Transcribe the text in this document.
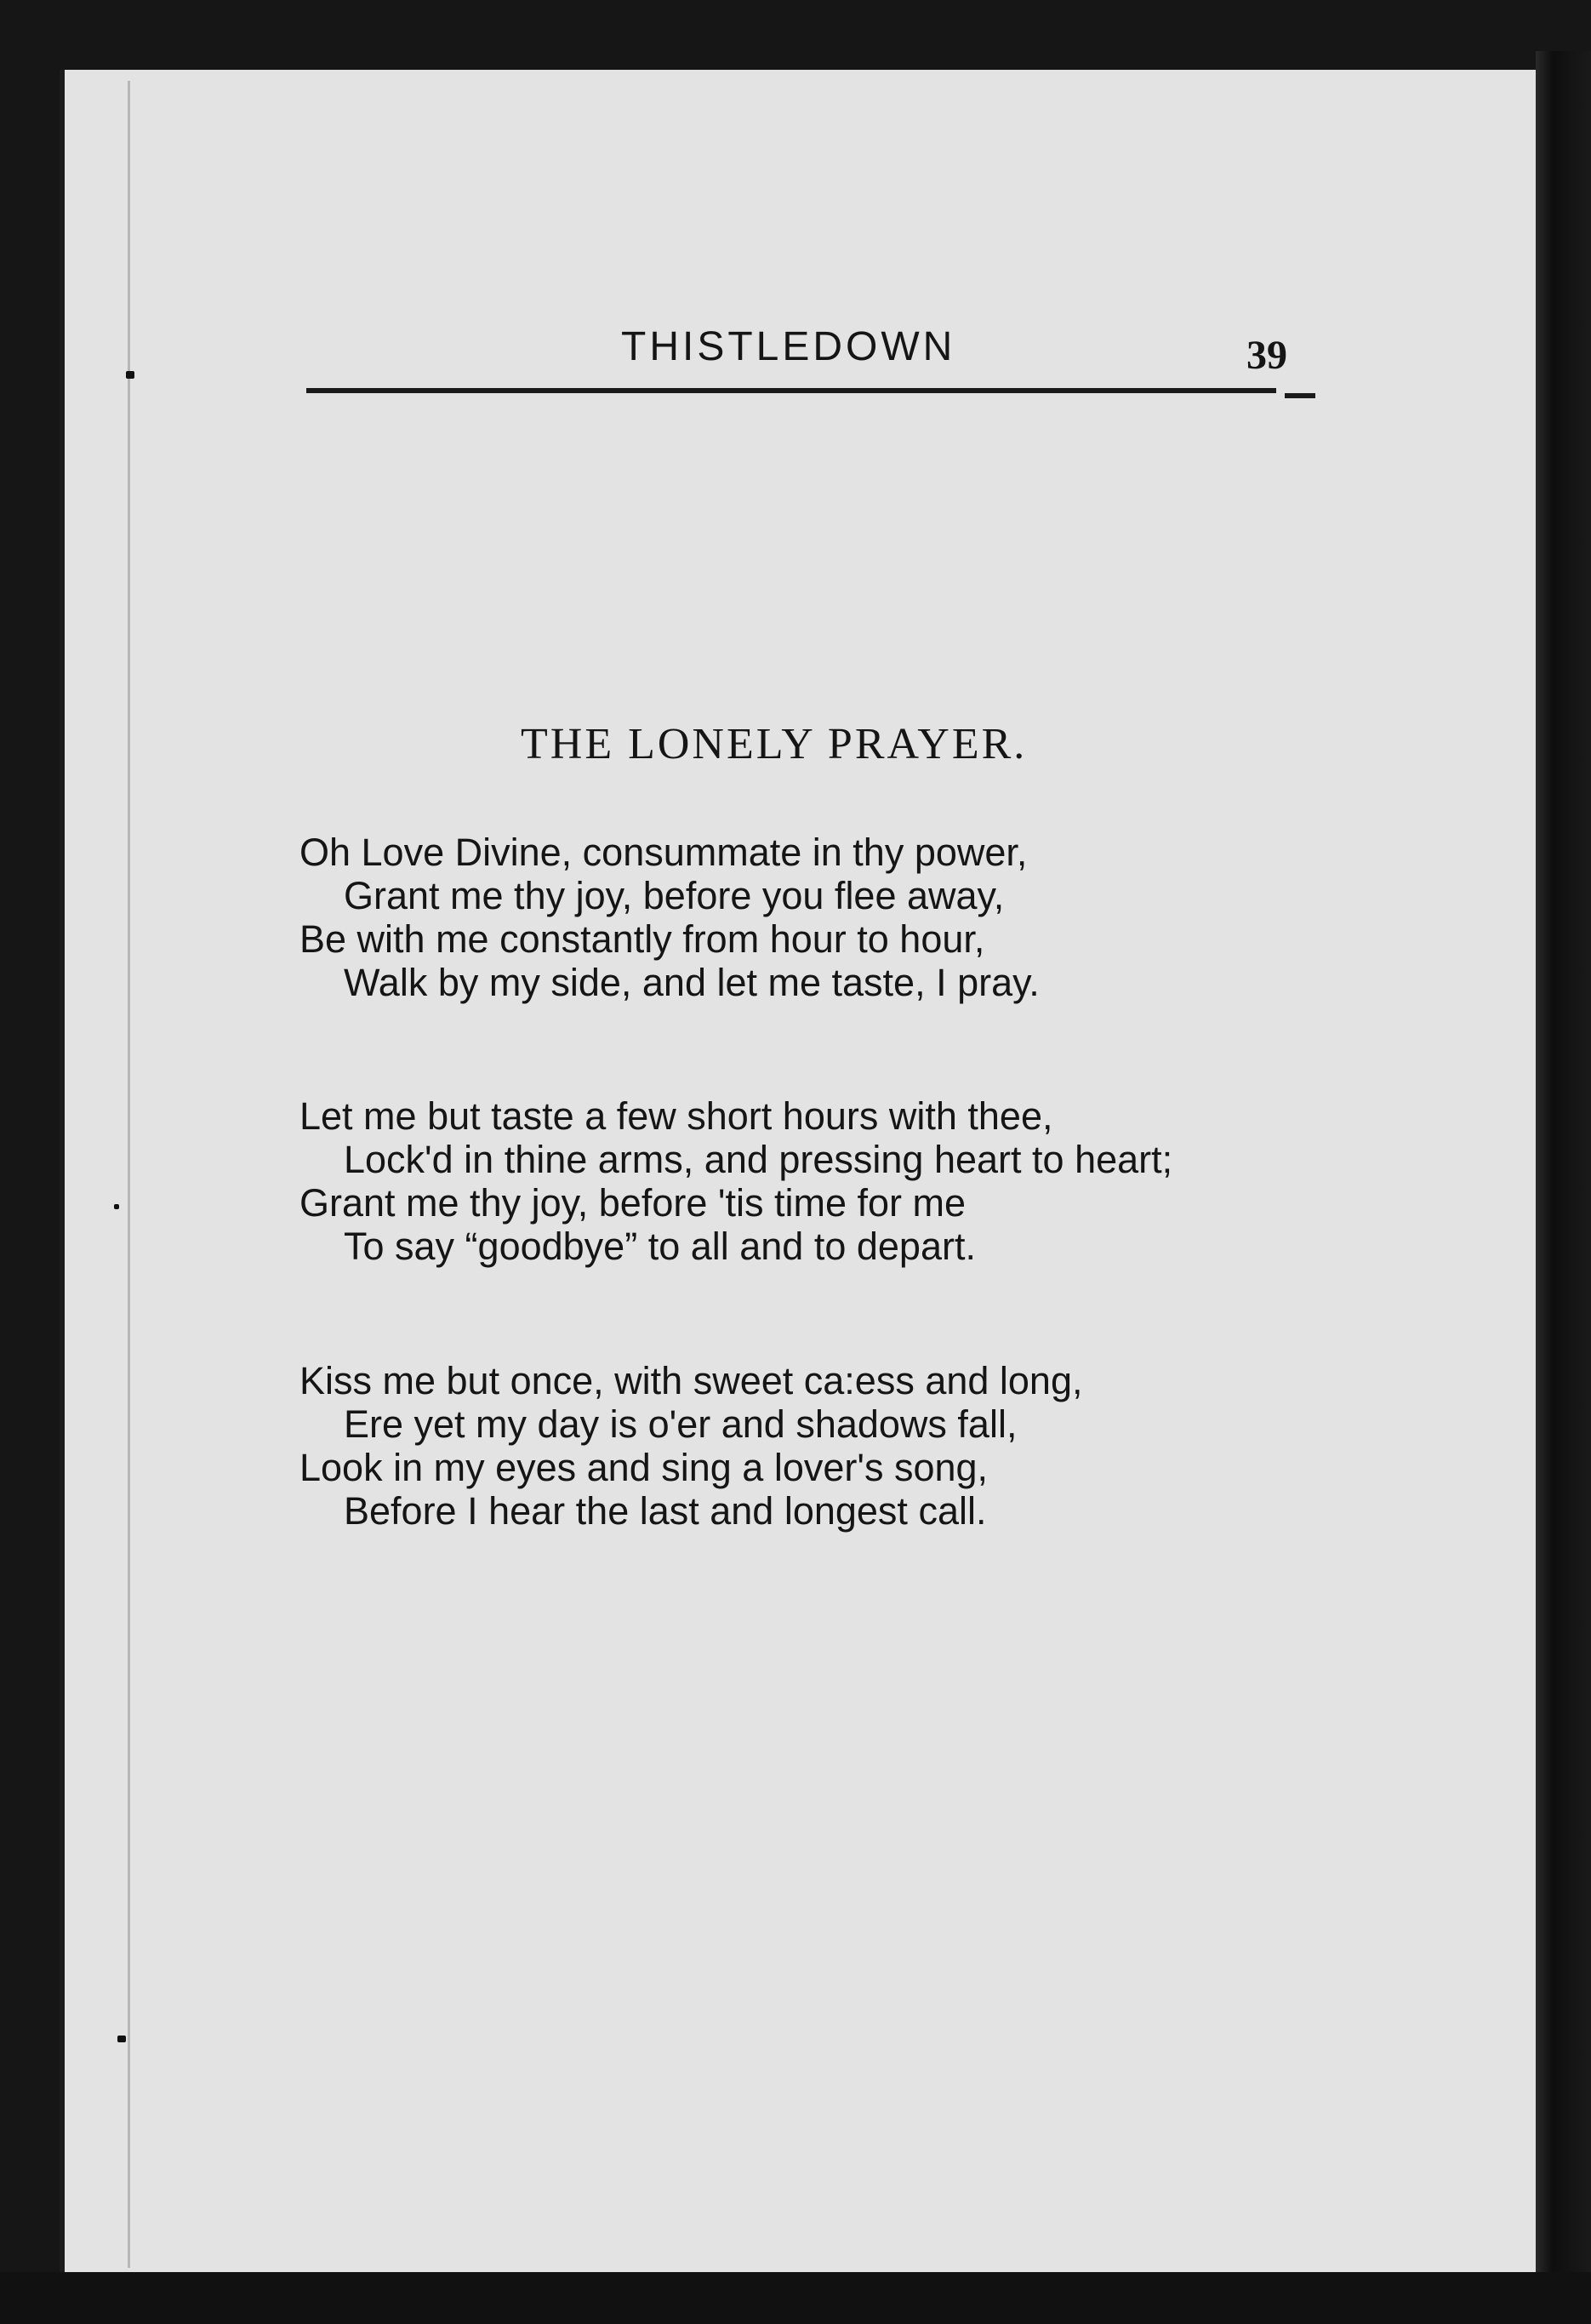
THISTLEDOWN	39
THE LONELY PRAYER.
Oh Love Divine, consummate in thy power,
Grant me thy joy, before you flee away,
Be with me constantly from hour to hour,
Walk by my side, and let me taste, I pray.
Let me but taste a few short hours with thee,
Lock'd in thine arms, and pressing heart to heart;
Grant me thy joy, before 'tis time for me
To say “goodbye” to all and to depart.
Kiss me but once, with sweet ca:ess and long,
Ere yet my day is o'er and shadows fall,
Look in my eyes and sing a lover's song,
Before I hear the last and longest call.
